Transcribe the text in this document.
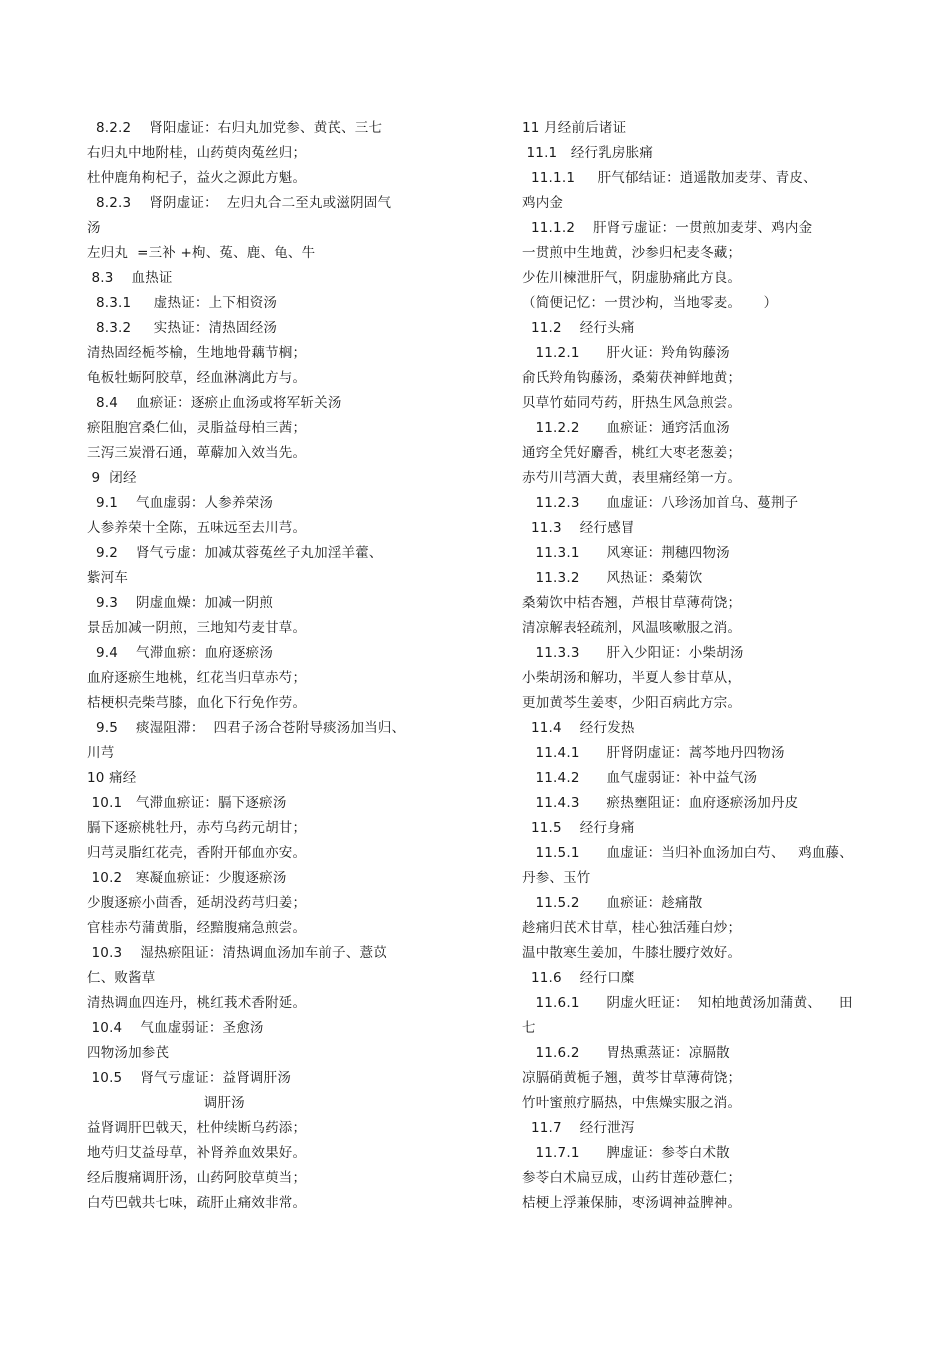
8.2.2    肾阳虚证：右归丸加党参、黄芪、三七
右归丸中地附桂，山药萸肉菟丝归；
杜仲鹿角枸杞子，益火之源此方魁。
8.2.3    肾阴虚证：  左归丸合二至丸或滋阴固气
汤
左归丸  =三补 +枸、菟、鹿、龟、牛
8.3    血热证
8.3.1     虚热证：上下相资汤
8.3.2     实热证：清热固经汤
清热固经栀芩榆，生地地骨藕节榈；
龟板牡蛎阿胶草，经血淋漓此方与。
8.4    血瘀证：逐瘀止血汤或将军斩关汤
瘀阻胞宫桑仁仙，灵脂益母柏三茜；
三泻三炭滑石通，萆薢加入效当先。
9  闭经
9.1    气血虚弱：人参养荣汤
人参养荣十全陈，五味远至去川芎。
9.2    肾气亏虚：加减苁蓉菟丝子丸加淫羊藿、
紫河车
9.3    阴虚血燥：加减一阴煎
景岳加减一阴煎，三地知芍麦甘草。
9.4    气滞血瘀：血府逐瘀汤
血府逐瘀生地桃，红花当归草赤芍；
桔梗枳壳柴芎膝，血化下行免作劳。
9.5    痰湿阻滞：  四君子汤合苍附导痰汤加当归、
川芎
10 痛经
10.1   气滞血瘀证：膈下逐瘀汤
膈下逐瘀桃牡丹，赤芍乌药元胡甘；
归芎灵脂红花壳，香附开郁血亦安。
10.2   寒凝血瘀证：少腹逐瘀汤
少腹逐瘀小茴香，延胡没药芎归姜；
官桂赤芍蒲黄脂，经黯腹痛急煎尝。
10.3    湿热瘀阻证：清热调血汤加车前子、薏苡
仁、败酱草
清热调血四连丹，桃红莪术香附延。
10.4    气血虚弱证：圣愈汤
四物汤加参芪
10.5    肾气亏虚证：益肾调肝汤
调肝汤
益肾调肝巴戟天，杜仲续断乌药添；
地芍归艾益母草，补肾养血效果好。
经后腹痛调肝汤，山药阿胶草萸当；
白芍巴戟共七味，疏肝止痛效非常。
11 月经前后诸证
11.1   经行乳房胀痛
11.1.1     肝气郁结证：逍遥散加麦芽、青皮、
鸡内金
11.1.2    肝肾亏虚证：一贯煎加麦芽、鸡内金
一贯煎中生地黄，沙参归杞麦冬藏；
少佐川楝泄肝气，阴虚胁痛此方良。
（简便记忆：一贯沙枸，当地零麦。     ）
11.2    经行头痛
11.2.1      肝火证：羚角钩藤汤
俞氏羚角钩藤汤，桑菊茯神鲜地黄；
贝草竹茹同芍药，肝热生风急煎尝。
11.2.2      血瘀证：通窍活血汤
通窍全凭好麝香，桃红大枣老葱姜；
赤芍川芎酒大黄，表里痛经第一方。
11.2.3      血虚证：八珍汤加首乌、蔓荆子
11.3    经行感冒
11.3.1      风寒证：荆穗四物汤
11.3.2      风热证：桑菊饮
桑菊饮中桔杏翘，芦根甘草薄荷饶；
清凉解表轻疏剂，风温咳嗽服之消。
11.3.3      肝入少阳证：小柴胡汤
小柴胡汤和解功，半夏人参甘草从，
更加黄芩生姜枣，少阳百病此方宗。
11.4    经行发热
11.4.1      肝肾阴虚证：蒿芩地丹四物汤
11.4.2      血气虚弱证：补中益气汤
11.4.3      瘀热壅阻证：血府逐瘀汤加丹皮
11.5    经行身痛
11.5.1      血虚证：当归补血汤加白芍、   鸡血藤、
丹参、玉竹
11.5.2      血瘀证：趁痛散
趁痛归芪术甘草，桂心独活薤白炒；
温中散寒生姜加，牛膝壮腰疗效好。
11.6    经行口糜
11.6.1      阴虚火旺证：  知柏地黄汤加蒲黄、    田
七
11.6.2      胃热熏蒸证：凉膈散
凉膈硝黄栀子翘，黄芩甘草薄荷饶；
竹叶蜜煎疗膈热，中焦燥实服之消。
11.7    经行泄泻
11.7.1      脾虚证：参苓白术散
参苓白术扁豆成，山药甘莲砂薏仁；
桔梗上浮兼保肺，枣汤调神益脾神。
